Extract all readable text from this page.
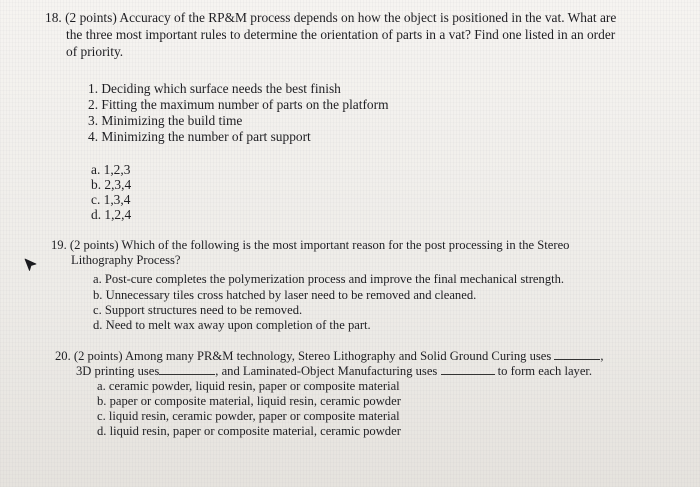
18. (2 points) Accuracy of the RP&M process depends on how the object is positioned in the vat. What are
the three most important rules to determine the orientation of parts in a vat? Find one listed in an order
of priority.
1. Deciding which surface needs the best finish
2. Fitting the maximum number of parts on the platform
3. Minimizing the build time
4. Minimizing the number of part support
a. 1,2,3
b. 2,3,4
c. 1,3,4
d. 1,2,4
19. (2 points) Which of the following is the most important reason for the post processing in the Stereo
Lithography Process?
a. Post-cure completes the polymerization process and improve the final mechanical strength.
b. Unnecessary tiles cross hatched by laser need to be removed and cleaned.
c. Support structures need to be removed.
d. Need to melt wax away upon completion of the part.
20. (2 points) Among many PR&M technology, Stereo Lithography and Solid Ground Curing uses	,
3D printing uses	, and Laminated-Object Manufacturing uses	to form each layer.
a. ceramic powder, liquid resin, paper or composite material
b. paper or composite material, liquid resin, ceramic powder
c. liquid resin, ceramic powder, paper or composite material
d. liquid resin, paper or composite material, ceramic powder
